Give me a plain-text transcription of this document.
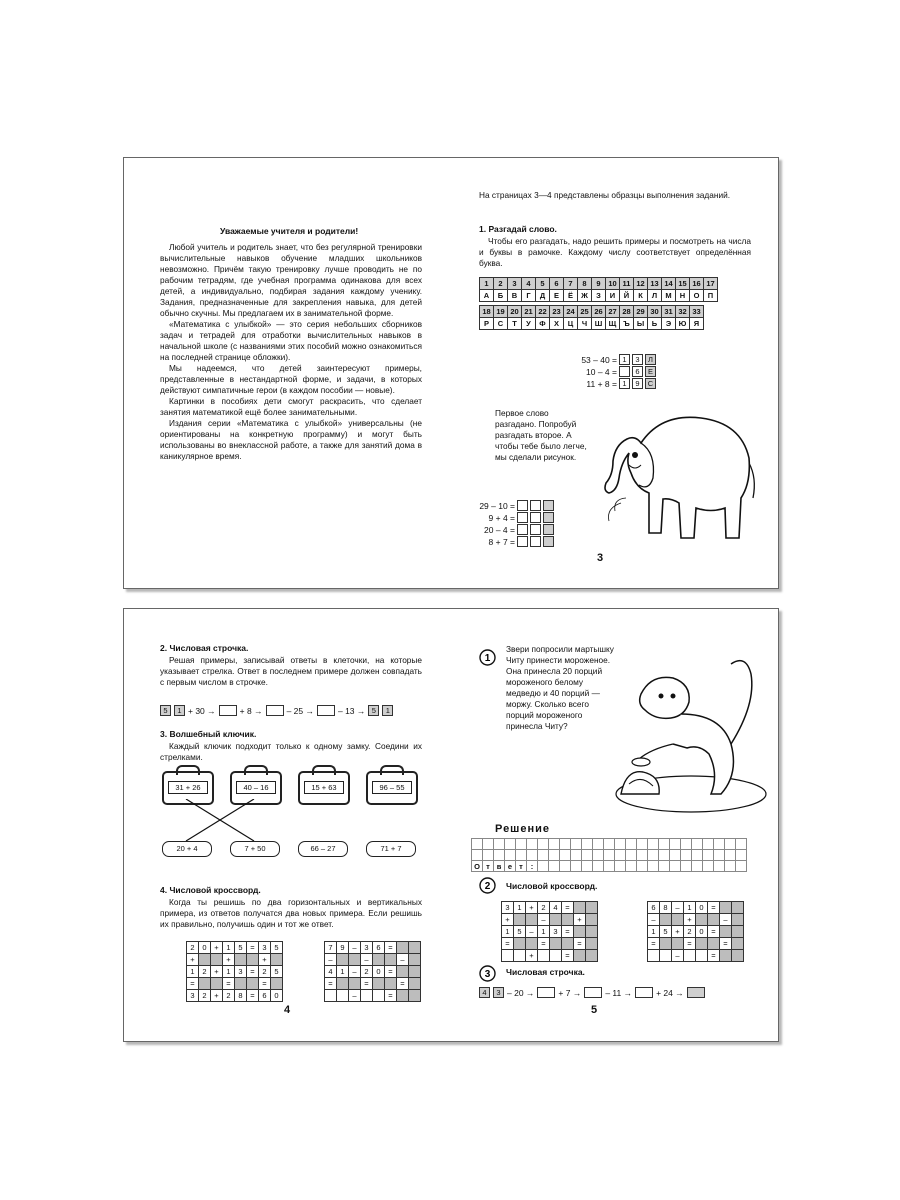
Уважаемые учителя и родители!

Любой учитель и родитель знает, что без регулярной тренировки вычислительные навыков обучение младших школьников невозможно. Причём такую тренировку лучше проводить не по рабочим тетрадям, где учебная программа одинакова для всех детей, а индивидуально, подбирая задания каждому ученику. Задания, предназначенные для закрепления навыка, для детей обычно скучны. Мы предлагаем их в занимательной форме.

«Математика с улыбкой» — это серия небольших сборников задач и тетрадей для отработки вычислительных навыков в начальной школе (с названиями этих пособий можно ознакомиться на последней странице обложки).

Мы надеемся, что детей заинтересуют примеры, представленные в нестандартной форме, и задачи, в которых действуют симпатичные герои (в каждом пособии — новые).

Картинки в пособиях дети смогут раскрасить, что сделает занятия математикой ещё более занимательными.

Издания серии «Математика с улыбкой» универсальны (не ориентированы на конкретную программу) и могут быть использованы во внеклассной работе, а также для занятий дома в каникулярное время.

На страницах 3—4 представлены образцы выполнения заданий.
1. Разгадай слово.

Чтобы его разгадать, надо решить примеры и посмотреть на числа и буквы в рамочке. Каждому числу соответствует определённая буква.

1	2	3	4	5	6	7	8	9	10	11	12	13	14	15	16	17
А	Б	В	Г	Д	Е	Ё	Ж	З	И	Й	К	Л	М	Н	О	П
18	19	20	21	22	23	24	25	26	27	28	29	30	31	32	33
Р	С	Т	У	Ф	Х	Ц	Ч	Ш	Щ	Ъ	Ы	Ь	Э	Ю	Я
53 – 40 = 1	3	Л
10 – 4 =	6	Е
11 + 8 = 1	9	С
Первое слово разгадано. Попробуй разгадать второе. А чтобы тебе было легче, мы сделали рисунок.
29 – 10 =
9 + 4 =
20 – 4 =
8 + 7 =
3
2. Числовая строчка.

Решая примеры, записывай ответы в клеточки, на которые указывает стрелка. Ответ в последнем примере должен совпадать с первым числом в строчке.

5	1 + 30 →	+ 8 →	– 25 →	– 13 → 5	1
3. Волшебный ключик.

Каждый ключик подходит только к одному замку. Соедини их стрелками.

31 + 26	40 – 16	15 + 63	96 – 55
20 + 4	7 + 50	66 – 27	71 + 7
4. Числовой кроссворд.

Когда ты решишь по два горизонтальных и вертикальных примера, из ответов получатся два новых примера. Если решишь их правильно, получишь один и тот же ответ.

2	0	+	1	5	=	3	5
+			+			+	
1	2	+	1	3	=	2	5
=			=			=	
3	2	+	2	8	=	6	0
7	9	–	3	6	=		
–			–			–	
4	1	–	2	0	=		
=			=			=	
		–			=		
4
1
Звери попросили мартышку Читу принести мороженое. Она принесла 20 порций мороженого белому медведю и 40 порций — моржу. Сколько всего порций мороженого принесла Читу?
Решение

О	т	в	е	т	:																			
2 Числовой кроссворд.
3	1	+	2	4	=		
+			–			+	
1	5	–	1	3	=		
=			=			=	
		+			=		
6	8	–	1	0	=		
–			+			–	
1	5	+	2	0	=		
=			=			=	
		–			=		
3 Числовая строчка.
4	3 – 20 →	+ 7 →	– 11 →	+ 24 →
5
